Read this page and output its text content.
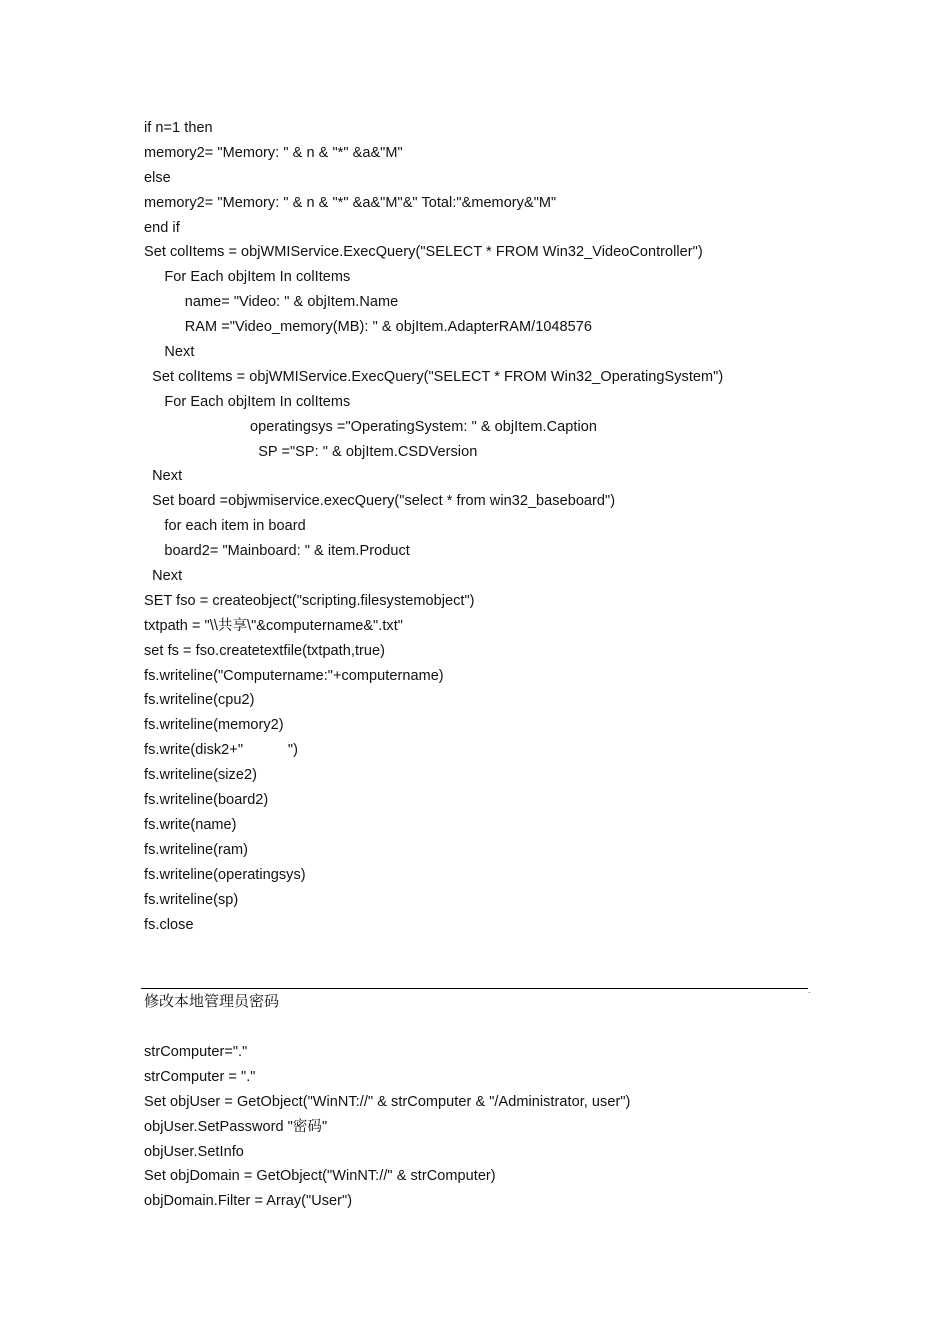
if n=1 then
memory2= "Memory: " & n & "*" &a&"M"
else
memory2= "Memory: " & n & "*" &a&"M"&" Total:"&memory&"M"
end if
Set colItems = objWMIService.ExecQuery("SELECT * FROM Win32_VideoController")
For Each objItem In colItems
name= "Video: " & objItem.Name
RAM ="Video_memory(MB): " & objItem.AdapterRAM/1048576
Next
Set colItems = objWMIService.ExecQuery("SELECT * FROM Win32_OperatingSystem")
For Each objItem In colItems
operatingsys ="OperatingSystem: " & objItem.Caption
SP ="SP: " & objItem.CSDVersion
Next
Set board =objwmiservice.execQuery("select * from win32_baseboard")
for each item in board
board2= "Mainboard: " & item.Product
Next
SET fso = createobject("scripting.filesystemobject")
txtpath = "\\共享\"&computername&".txt"
set fs = fso.createtextfile(txtpath,true)
fs.writeline("Computername:"+computername)
fs.writeline(cpu2)
fs.writeline(memory2)
fs.write(disk2+"           ")
fs.writeline(size2)
fs.writeline(board2)
fs.write(name)
fs.writeline(ram)
fs.writeline(operatingsys)
fs.writeline(sp)
fs.close
.
修改本地管理员密码
strComputer="."
strComputer = "."
Set objUser = GetObject("WinNT://" & strComputer & "/Administrator, user")
objUser.SetPassword "密码"
objUser.SetInfo
Set objDomain = GetObject("WinNT://" & strComputer)
objDomain.Filter = Array("User")
